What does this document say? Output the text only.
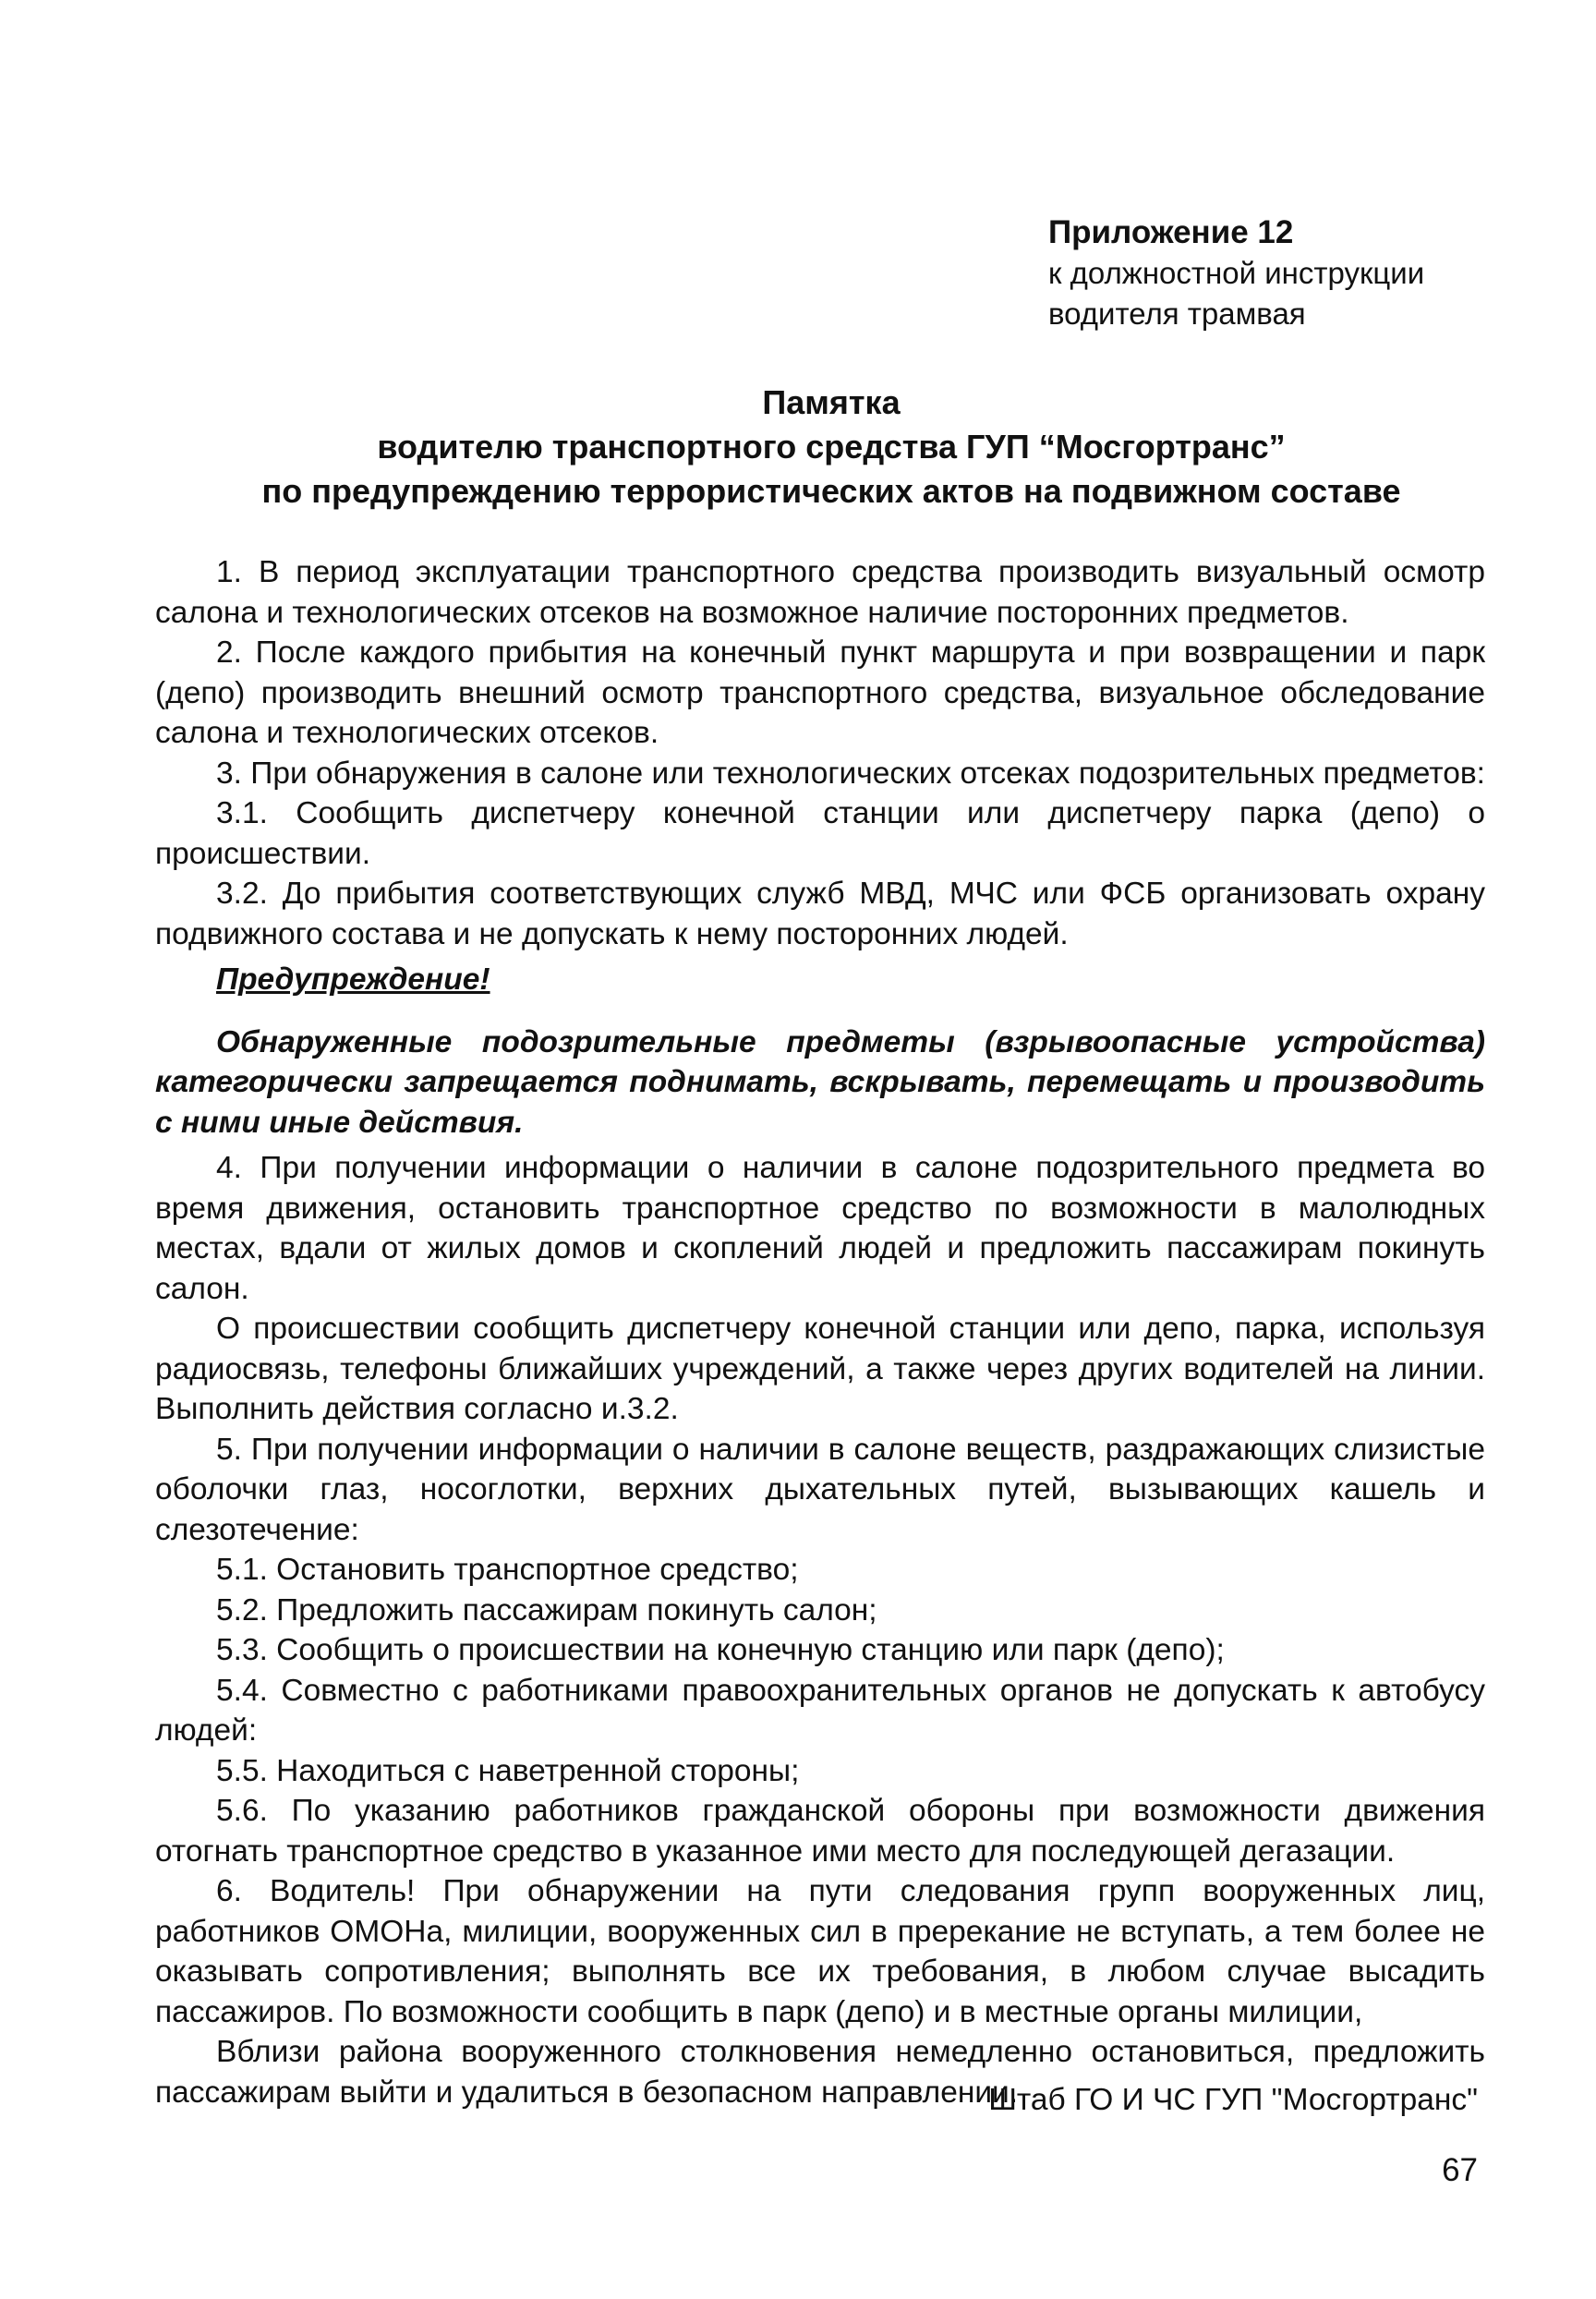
Приложение 12
к должностной инструкции
водителя трамвая
Памятка
водителю транспортного средства ГУП “Мосгортранс”
по предупреждению террористических актов на подвижном составе

1. В период эксплуатации транспортного средства производить визуальный осмотр салона и технологических отсеков на возможное наличие посторонних предметов.

2. После каждого прибытия на конечный пункт маршрута и при возвращении и парк (депо) производить внешний осмотр транспортного средства, визуальное обследование салона и технологических отсеков.

3. При обнаружения в салоне или технологических отсеках подозрительных предметов:

3.1. Сообщить диспетчеру конечной станции или диспетчеру парка (депо) о происшествии.

3.2. До прибытия соответствующих служб МВД, МЧС или ФСБ организовать охрану подвижного состава и не допускать к нему посторонних людей.

Предупреждение!

Обнаруженные подозрительные предметы (взрывоопасные устройства) категорически запрещается поднимать, вскрывать, перемещать и производить с ними иные действия.

4. При получении информации о наличии в салоне подозрительного предмета во время движения, остановить транспортное средство по возможности в малолюдных местах, вдали от жилых домов и скоплений людей и предложить пассажирам покинуть салон.

О происшествии сообщить диспетчеру конечной станции или депо, парка, используя радиосвязь, телефоны ближайших учреждений, а также через других водителей на линии. Выполнить действия согласно и.3.2.

5. При получении информации о наличии в салоне веществ, раздражающих слизистые оболочки глаз, носоглотки, верхних дыхательных путей, вызывающих кашель и слезотечение:

5.1. Остановить транспортное средство;

5.2. Предложить пассажирам покинуть салон;

5.3. Сообщить о происшествии на конечную станцию или парк (депо);

5.4. Совместно с работниками правоохранительных органов не допускать к автобусу людей:

5.5. Находиться с наветренной стороны;

5.6. По указанию работников гражданской обороны при возможности движения отогнать транспортное средство в указанное ими место для последующей дегазации.

6. Водитель! При обнаружении на пути следования групп вооруженных лиц, работников ОМОНа, милиции, вооруженных сил в пререкание не вступать, а тем более не оказывать сопротивления; выполнять все их требования, в любом случае высадить пассажиров. По возможности сообщить в парк (депо) и в местные органы милиции,

Вблизи района вооруженного столкновения немедленно остановиться, предложить пассажирам выйти и удалиться в безопасном направлении.

Штаб ГО И ЧС ГУП "Мосгортранс"
67
